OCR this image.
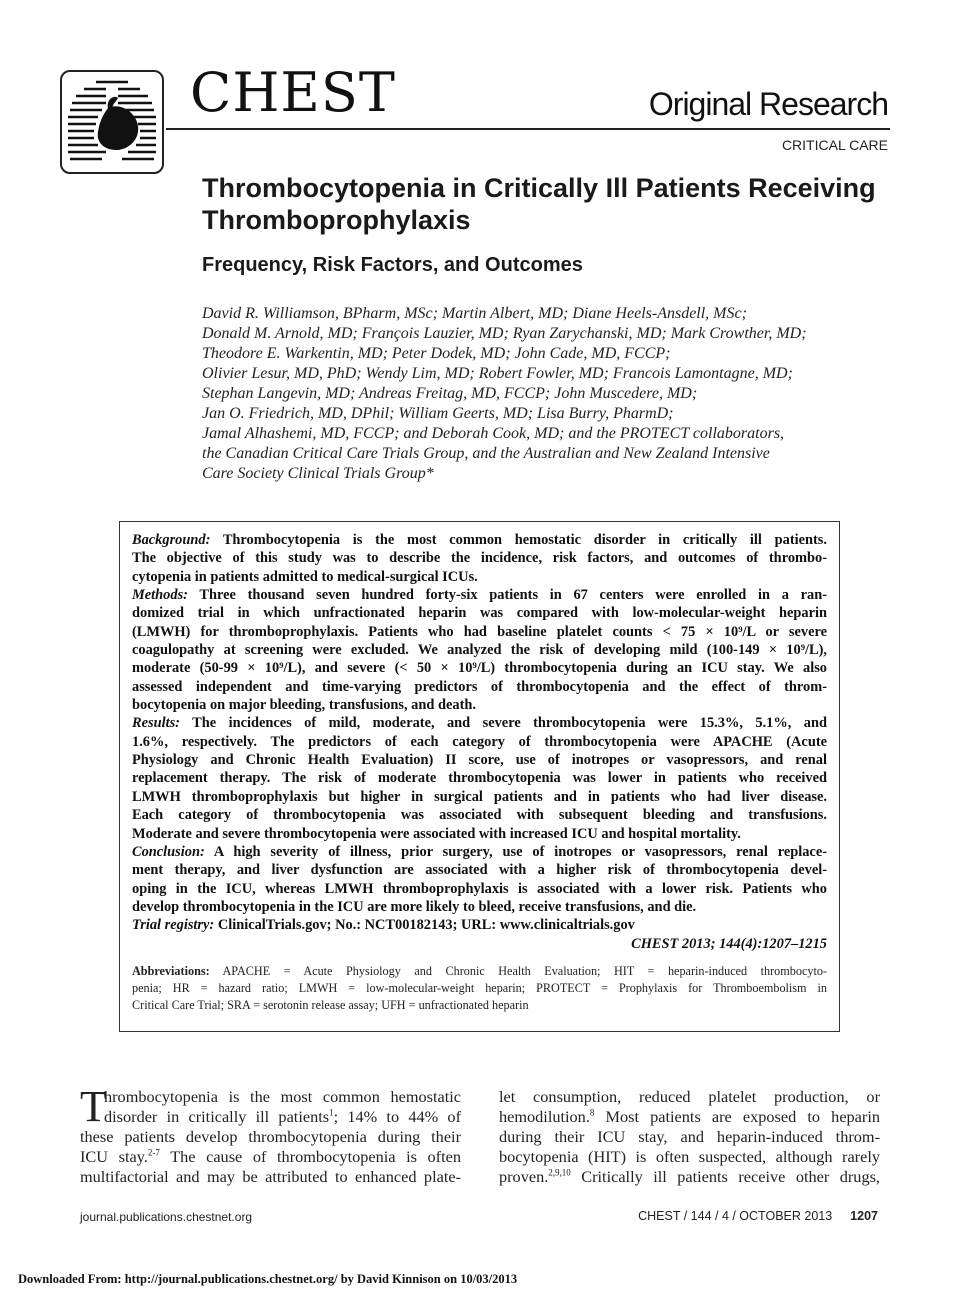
CHEST	Original Research
CRITICAL CARE
Thrombocytopenia in Critically Ill Patients Receiving Thromboprophylaxis
Frequency, Risk Factors, and Outcomes
David R. Williamson, BPharm, MSc; Martin Albert, MD; Diane Heels-Ansdell, MSc;
Donald M. Arnold, MD; François Lauzier, MD; Ryan Zarychanski, MD; Mark Crowther, MD;
Theodore E. Warkentin, MD; Peter Dodek, MD; John Cade, MD, FCCP;
Olivier Lesur, MD, PhD; Wendy Lim, MD; Robert Fowler, MD; Francois Lamontagne, MD;
Stephan Langevin, MD; Andreas Freitag, MD, FCCP; John Muscedere, MD;
Jan O. Friedrich, MD, DPhil; William Geerts, MD; Lisa Burry, PharmD;
Jamal Alhashemi, MD, FCCP; and Deborah Cook, MD; and the PROTECT collaborators,
the Canadian Critical Care Trials Group, and the Australian and New Zealand Intensive
Care Society Clinical Trials Group*
Background: Thrombocytopenia is the most common hemostatic disorder in critically ill patients.
The objective of this study was to describe the incidence, risk factors, and outcomes of thrombo-
cytopenia in patients admitted to medical-surgical ICUs.
Methods: Three thousand seven hundred forty-six patients in 67 centers were enrolled in a ran-
domized trial in which unfractionated heparin was compared with low-molecular-weight heparin
(LMWH) for thromboprophylaxis. Patients who had baseline platelet counts < 75 × 10⁹/L or severe
coagulopathy at screening were excluded. We analyzed the risk of developing mild (100-149 × 10⁹/L),
moderate (50-99 × 10⁹/L), and severe (< 50 × 10⁹/L) thrombocytopenia during an ICU stay. We also
assessed independent and time-varying predictors of thrombocytopenia and the effect of throm-
bocytopenia on major bleeding, transfusions, and death.
Results: The incidences of mild, moderate, and severe thrombocytopenia were 15.3%, 5.1%, and
1.6%, respectively. The predictors of each category of thrombocytopenia were APACHE (Acute
Physiology and Chronic Health Evaluation) II score, use of inotropes or vasopressors, and renal
replacement therapy. The risk of moderate thrombocytopenia was lower in patients who received
LMWH thromboprophylaxis but higher in surgical patients and in patients who had liver disease.
Each category of thrombocytopenia was associated with subsequent bleeding and transfusions.
Moderate and severe thrombocytopenia were associated with increased ICU and hospital mortality.
Conclusion: A high severity of illness, prior surgery, use of inotropes or vasopressors, renal replace-
ment therapy, and liver dysfunction are associated with a higher risk of thrombocytopenia devel-
oping in the ICU, whereas LMWH thromboprophylaxis is associated with a lower risk. Patients who
develop thrombocytopenia in the ICU are more likely to bleed, receive transfusions, and die.
Trial registry: ClinicalTrials.gov; No.: NCT00182143; URL: www.clinicaltrials.gov
CHEST 2013; 144(4):1207–1215
Abbreviations: APACHE = Acute Physiology and Chronic Health Evaluation; HIT = heparin-induced thrombocyto-
penia; HR = hazard ratio; LMWH = low-molecular-weight heparin; PROTECT = Prophylaxis for Thromboembolism in
Critical Care Trial; SRA = serotonin release assay; UFH = unfractionated heparin
T
hrombocytopenia is the most common hemostatic
disorder in critically ill patients$^1$; 14% to 44% of
these patients develop thrombocytopenia during their
ICU stay.$^{2-7}$ The cause of thrombocytopenia is often
multifactorial and may be attributed to enhanced plate-
let consumption, reduced platelet production, or
hemodilution.$^8$ Most patients are exposed to heparin
during their ICU stay, and heparin-induced throm-
bocytopenia (HIT) is often suspected, although rarely
proven.$^{2,9,10}$ Critically ill patients receive other drugs,
journal.publications.chestnet.org	CHEST / 144 / 4 / OCTOBER 2013 1207
Downloaded From: http://journal.publications.chestnet.org/ by David Kinnison on 10/03/2013
